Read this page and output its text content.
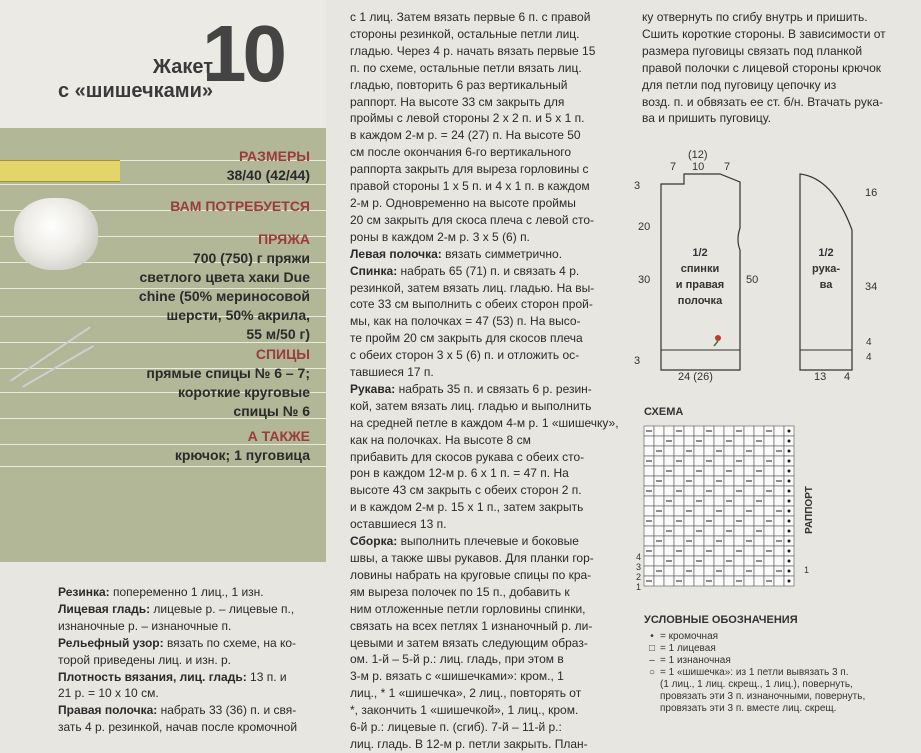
Жакет
с «шишечками»
10
РАЗМЕРЫ
38/40 (42/44)
ВАМ ПОТРЕБУЕТСЯ
ПРЯЖА
700 (750) г пряжи
светлого цвета хаки Due
chine (50% мериносовой
шерсти, 50% акрила,
55 м/50 г)
СПИЦЫ
прямые спицы № 6 – 7;
короткие круговые
спицы № 6
А ТАКЖЕ
крючок; 1 пуговица

Резинка: попеременно 1 лиц., 1 изн.

Лицевая гладь: лицевые р. – лицевые п.,

изнаночные р. – изнаночные п.

Рельефный узор: вязать по схеме, на ко-

торой приведены лиц. и изн. р.

Плотность вязания, лиц. гладь: 13 п. и

21 р. = 10 х 10 см.

Правая полочка: набрать 33 (36) п. и свя-

зать 4 р. резинкой, начав после кромочной

с 1 лиц. Затем вязать первые 6 п. с правой

стороны резинкой, остальные петли лиц.

гладью. Через 4 р. начать вязать первые 15

п. по схеме, остальные петли вязать лиц.

гладью, повторить 6 раз вертикальный

раппорт. На высоте 33 см закрыть для

проймы с левой стороны 2 х 2 п. и 5 х 1 п.

в каждом 2-м р. = 24 (27) п. На высоте 50

см после окончания 6-го вертикального

раппорта закрыть для выреза горловины с

правой стороны 1 х 5 п. и 4 х 1 п. в каждом

2-м р. Одновременно на высоте проймы

20 см закрыть для скоса плеча с левой сто-

роны в каждом 2-м р. 3 х 5 (6) п.

Левая полочка: вязать симметрично.

Спинка: набрать 65 (71) п. и связать 4 р.

резинкой, затем вязать лиц. гладью. На вы-

соте 33 см выполнить с обеих сторон прой-

мы, как на полочках = 47 (53) п. На высо-

те пройм 20 см закрыть для скосов плеча

с обеих сторон 3 х 5 (6) п. и отложить ос-

тавшиеся 17 п.

Рукава: набрать 35 п. и связать 6 р. резин-

кой, затем вязать лиц. гладью и выполнить

на средней петле в каждом 4-м р. 1 «шишечку»,

как на полочках. На высоте 8 см

прибавить для скосов рукава с обеих сто-

рон в каждом 12-м р. 6 х 1 п. = 47 п. На

высоте 43 см закрыть с обеих сторон 2 п.

и в каждом 2-м р. 15 х 1 п., затем закрыть

оставшиеся 13 п.

Сборка: выполнить плечевые и боковые

швы, а также швы рукавов. Для планки гор-

ловины набрать на круговые спицы по кра-

ям выреза полочек по 15 п., добавить к

ним отложенные петли горловины спинки,

связать на всех петлях 1 изнаночный р. ли-

цевыми и затем вязать следующим образ-

ом. 1-й – 5-й р.: лиц. гладь, при этом в

3-м р. вязать с «шишечками»: кром., 1

лиц., * 1 «шишечка», 2 лиц., повторять от

*, закончить 1 «шишечкой», 1 лиц., кром.

6-й р.: лицевые п. (сгиб). 7-й – 11-й р.:

лиц. гладь. В 12-м р. петли закрыть. План-

ку отвернуть по сгибу внутрь и пришить.

Сшить короткие стороны. В зависимости от

размера пуговицы связать под планкой

правой полочки с лицевой стороны крючок

для петли под пуговицу цепочку из

возд. п. и обвязать ее ст. б/н. Втачать рука-

ва и пришить пуговицу.

(12)
7 10 7
3
20
30	50
3
24 (26)
16
34
4
4
13 4
1/2
спинки
и правая
полочка
1/2
рука-
ва
СХЕМА
4
3
2
1
1
РАППОРТ
УСЛОВНЫЕ ОБОЗНАЧЕНИЯ
• = кромочная
□ = 1 лицевая
– = 1 изнаночная
○ = 1 «шишечка»: из 1 петли вывязать 3 п.
(1 лиц., 1 лиц. скрещ., 1 лиц.), повернуть,
провязать эти 3 п. изнаночными, повернуть,
провязать эти 3 п. вместе лиц. скрещ.
